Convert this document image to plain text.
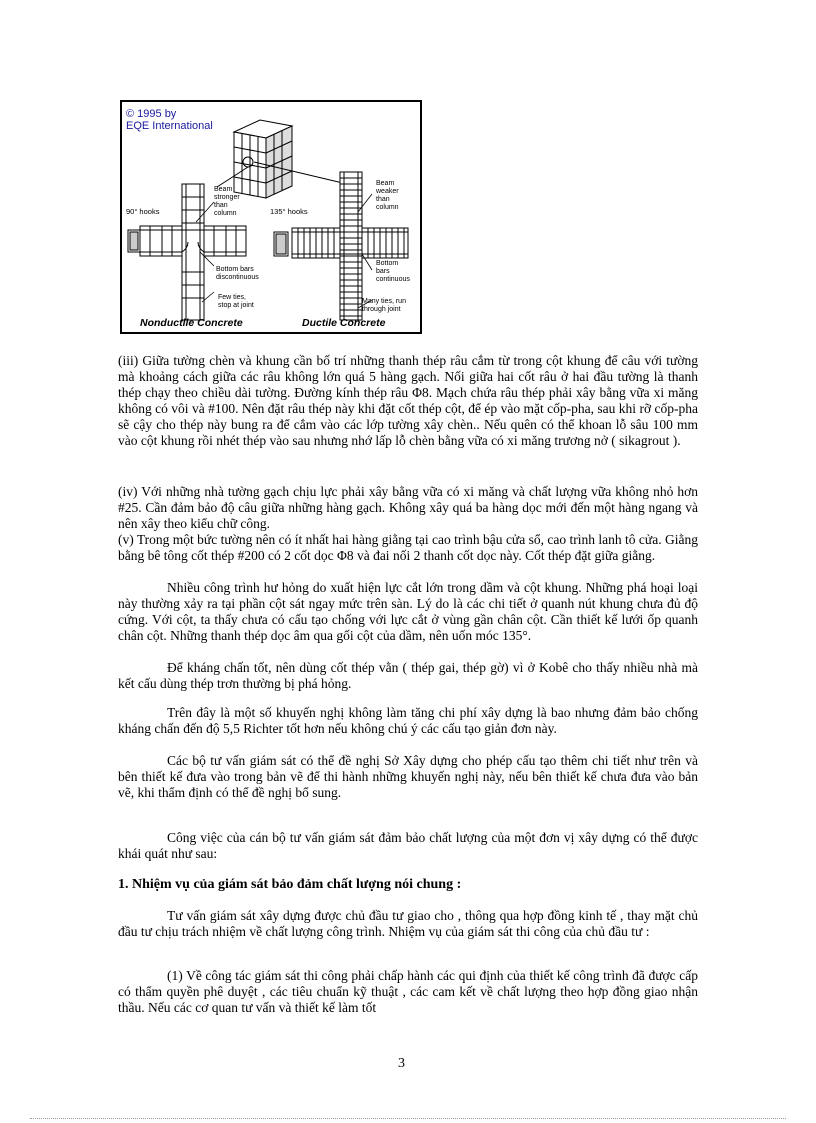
© 1995 by
EQE International
90° hooks	135° hooks
Beam
stronger
than
column
Bottom bars
discontinuous
Few ties,
stop at joint
Beam
weaker
than
column
Bottom
bars
continuous
Many ties, run
through joint
Nonductile Concrete	Ductile Concrete

(iii) Giữa tường chèn và khung cần bố trí những thanh thép râu cắm từ trong cột khung để câu với tường mà khoảng cách giữa các râu không lớn quá 5 hàng gạch. Nối giữa hai cốt râu ở hai đầu tường là thanh thép chạy theo chiều dài tường. Đường kính thép râu Φ8. Mạch chứa râu thép phải xây bằng vữa xi măng không có vôi và #100. Nên đặt râu thép này khi đặt cốt thép cột, để ép vào mặt cốp-pha, sau khi rỡ cốp-pha sẽ cậy cho thép này bung ra để cắm vào các lớp tường xây chèn.. Nếu quên có thể khoan lỗ sâu 100 mm vào cột khung rồi nhét thép vào sau nhưng nhớ lấp lỗ chèn bằng vữa có xi măng trương nở ( sikagrout ).

(iv) Với những nhà tường gạch chịu lực phải xây bằng vữa có xi măng và chất lượng vữa không nhỏ hơn #25. Cần đảm bảo độ câu giữa những hàng gạch. Không xây quá ba hàng dọc mới đến một hàng ngang và nên xây theo kiểu chữ công.

(v) Trong một bức tường nên có ít nhất hai hàng giằng tại cao trình bậu cửa sổ, cao trình lanh tô cửa. Giằng bằng bê tông cốt thép #200 có 2 cốt dọc Φ8 và đai nối 2 thanh cốt dọc này. Cốt thép đặt giữa giằng.

Nhiều công trình hư hỏng do xuất hiện lực cắt lớn trong dầm và cột khung. Những phá hoại loại này thường xảy ra tại phần cột sát ngay mức trên sàn. Lý do là các chi tiết ở quanh nút khung chưa đủ độ cứng. Với cột, ta thấy chưa có cấu tạo chống với lực cắt ở vùng gần chân cột. Cần thiết kế lưới ốp quanh chân cột. Những thanh thép dọc âm qua gối cột của dầm, nên uốn móc 135°.

Để kháng chấn tốt, nên dùng cốt thép vằn ( thép gai, thép gờ) vì ở Kobê cho thấy nhiều nhà mà kết cấu dùng thép trơn thường bị phá hỏng.

Trên đây là một số khuyến nghị không làm tăng chi phí xây dựng là bao nhưng đảm bảo chống kháng chấn đến độ 5,5 Richter tốt hơn nếu không chú ý các cấu tạo giản đơn này.

Các bộ tư vấn giám sát có thể đề nghị Sở Xây dựng cho phép cấu tạo thêm chi tiết như trên và bên thiết kế đưa vào trong bản vẽ để thi hành những khuyến nghị này, nếu bên thiết kế chưa đưa vào bản vẽ, khi thẩm định có thể đề nghị bổ sung.

Công việc của cán bộ tư vấn giám sát đảm bảo chất lượng của một đơn vị xây dựng có thể được khái quát như sau:

1. Nhiệm vụ của giám sát bảo đảm chất lượng nói chung :

Tư vấn giám sát xây dựng được chủ đầu tư giao cho , thông qua hợp đồng kinh tế , thay mặt chủ đầu tư chịu trách nhiệm về chất lượng công trình. Nhiệm vụ của giám sát thi công của chủ đầu tư :

(1) Về công tác giám sát thi công phải chấp hành các qui định của thiết kế công trình đã được cấp có thẩm quyền phê duyệt , các tiêu chuẩn kỹ thuật , các cam kết về chất lượng theo hợp đồng giao nhận thầu. Nếu các cơ quan tư vấn và thiết kế làm tốt

3
